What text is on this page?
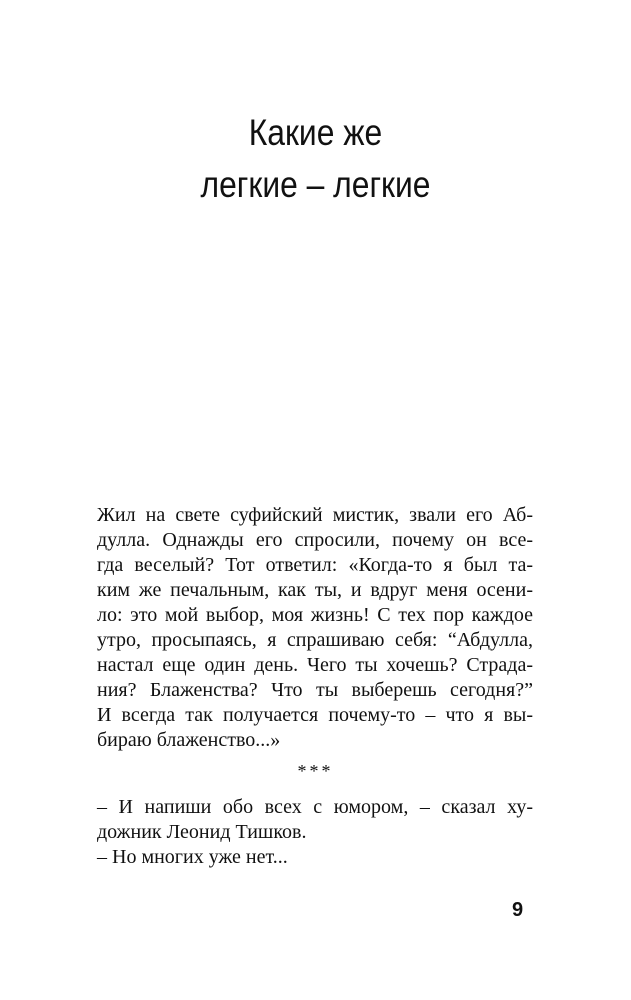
Какие же
легкие – легкие
Жил на свете суфийский мистик, звали его Аб-
дулла. Однажды его спросили, почему он все-
гда веселый? Тот ответил: «Когда-то я был та-
ким же печальным, как ты, и вдруг меня осени-
ло: это мой выбор, моя жизнь! С тех пор каждое
утро, просыпаясь, я спрашиваю себя: “Абдулла,
настал еще один день. Чего ты хочешь? Страда-
ния? Блаженства? Что ты выберешь сегодня?”
И всегда так получается почему-то – что я вы-
бираю блаженство...»
***
– И напиши обо всех с юмором, – сказал ху-
дожник Леонид Тишков.
– Но многих уже нет...
9
